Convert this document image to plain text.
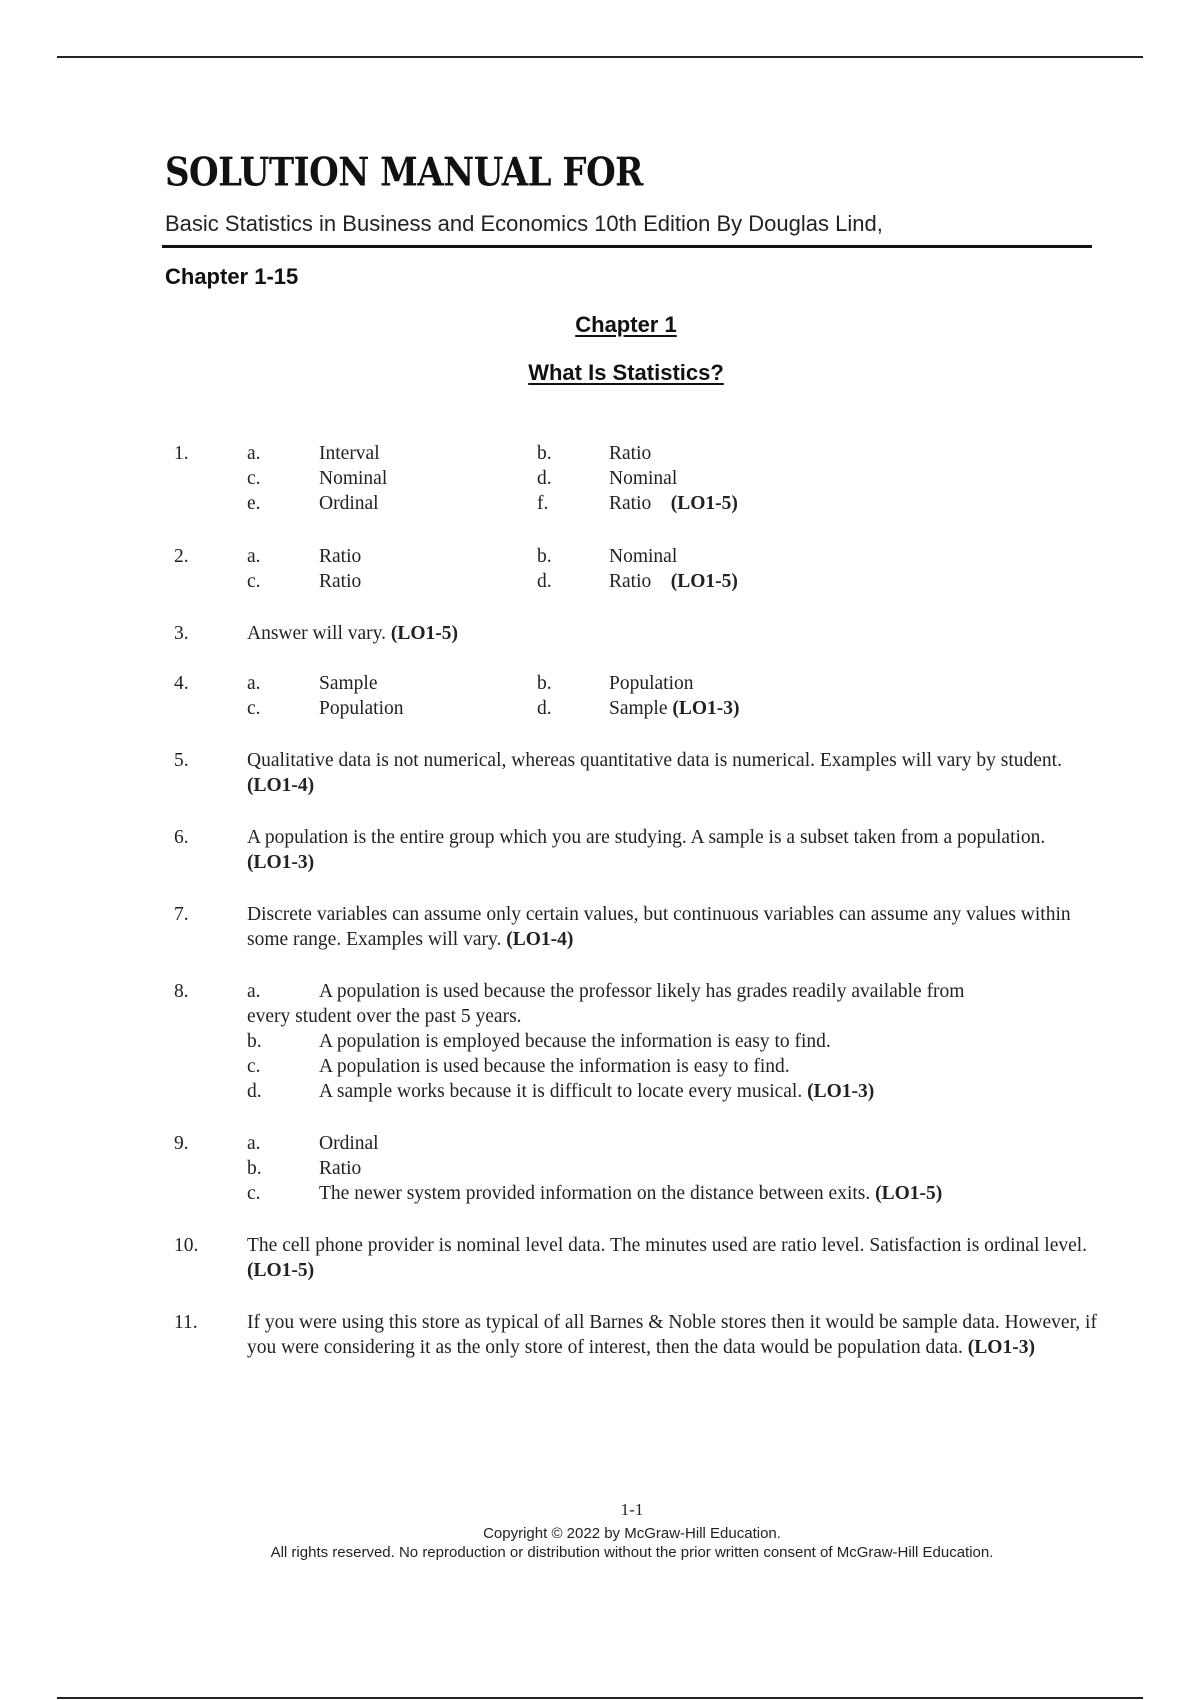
SOLUTION MANUAL FOR
Basic Statistics in Business and Economics 10th Edition By Douglas Lind,
Chapter 1-15
Chapter 1
What Is Statistics?
1.	a.	Interval	b.	Ratio
c.	Nominal	d.	Nominal
e.	Ordinal	f.	Ratio (LO1-5)
2.	a.	Ratio	b.	Nominal
c.	Ratio	d.	Ratio (LO1-5)
3.	Answer will vary. (LO1-5)
4.	a.	Sample	b.	Population
c.	Population	d.	Sample (LO1-3)
5.	Qualitative data is not numerical, whereas quantitative data is numerical. Examples will vary by student. (LO1-4)
6.	A population is the entire group which you are studying. A sample is a subset taken from a population. (LO1-3)
7.	Discrete variables can assume only certain values, but continuous variables can assume any values within some range. Examples will vary. (LO1-4)
8.	a.	A population is used because the professor likely has grades readily available from
every student over the past 5 years.
b.	A population is employed because the information is easy to find.
c.	A population is used because the information is easy to find.
d.	A sample works because it is difficult to locate every musical. (LO1-3)
9.	a.	Ordinal
b.	Ratio
c.	The newer system provided information on the distance between exits. (LO1-5)
10. The cell phone provider is nominal level data. The minutes used are ratio level. Satisfaction is ordinal level. (LO1-5)
11.	If you were using this store as typical of all Barnes & Noble stores then it would be sample data. However, if you were considering it as the only store of interest, then the data would be population data. (LO1-3)
1-1
Copyright © 2022 by McGraw-Hill Education.
All rights reserved. No reproduction or distribution without the prior written consent of McGraw-Hill Education.
